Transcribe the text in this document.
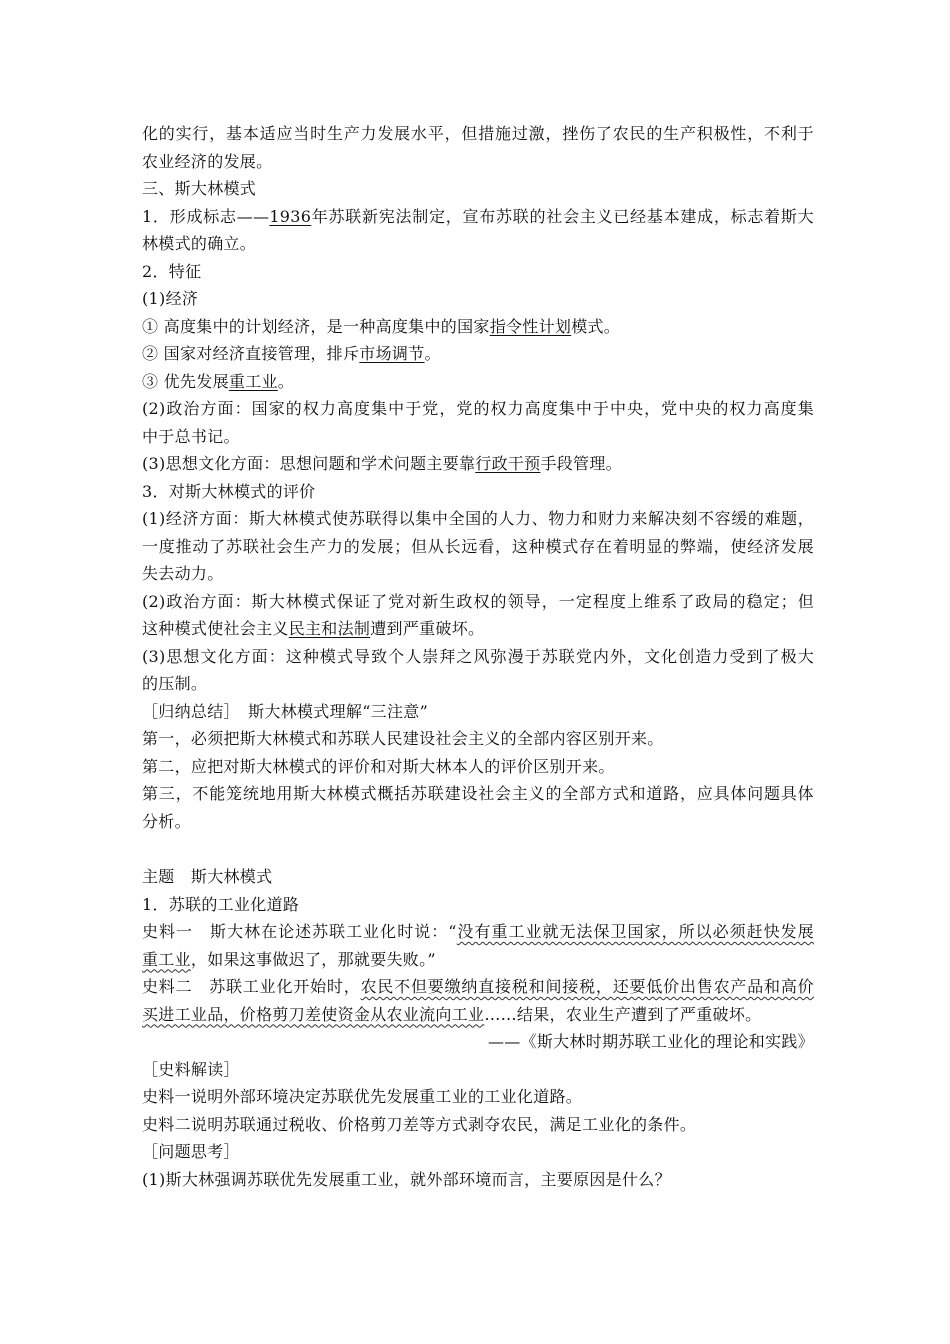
化的实行，基本适应当时生产力发展水平，但措施过激，挫伤了农民的生产积极性，不利于
农业经济的发展。
三、斯大林模式
1．形成标志——1936年苏联新宪法制定，宣布苏联的社会主义已经基本建成，标志着斯大
林模式的确立。
2．特征
(1)经济
① 高度集中的计划经济，是一种高度集中的国家指令性计划模式。
② 国家对经济直接管理，排斥市场调节。
③ 优先发展重工业。
(2)政治方面：国家的权力高度集中于党，党的权力高度集中于中央，党中央的权力高度集
中于总书记。
(3)思想文化方面：思想问题和学术问题主要靠行政干预手段管理。
3．对斯大林模式的评价
(1)经济方面：斯大林模式使苏联得以集中全国的人力、物力和财力来解决刻不容缓的难题，
一度推动了苏联社会生产力的发展；但从长远看，这种模式存在着明显的弊端，使经济发展
失去动力。
(2)政治方面：斯大林模式保证了党对新生政权的领导，一定程度上维系了政局的稳定；但
这种模式使社会主义民主和法制遭到严重破坏。
(3)思想文化方面：这种模式导致个人崇拜之风弥漫于苏联党内外，文化创造力受到了极大
的压制。
［归纳总结］　斯大林模式理解“三注意”
第一，必须把斯大林模式和苏联人民建设社会主义的全部内容区别开来。
第二，应把对斯大林模式的评价和对斯大林本人的评价区别开来。
第三，不能笼统地用斯大林模式概括苏联建设社会主义的全部方式和道路，应具体问题具体
分析。
主题　斯大林模式
1．苏联的工业化道路
史料一　斯大林在论述苏联工业化时说：“没有重工业就无法保卫国家，所以必须赶快发展
重工业，如果这事做迟了，那就要失败。”
史料二　苏联工业化开始时，农民不但要缴纳直接税和间接税，还要低价出售农产品和高价
买进工业品，价格剪刀差使资金从农业流向工业……结果，农业生产遭到了严重破坏。
——《斯大林时期苏联工业化的理论和实践》
［史料解读］
史料一说明外部环境决定苏联优先发展重工业的工业化道路。
史料二说明苏联通过税收、价格剪刀差等方式剥夺农民，满足工业化的条件。
［问题思考］
(1)斯大林强调苏联优先发展重工业，就外部环境而言，主要原因是什么？
